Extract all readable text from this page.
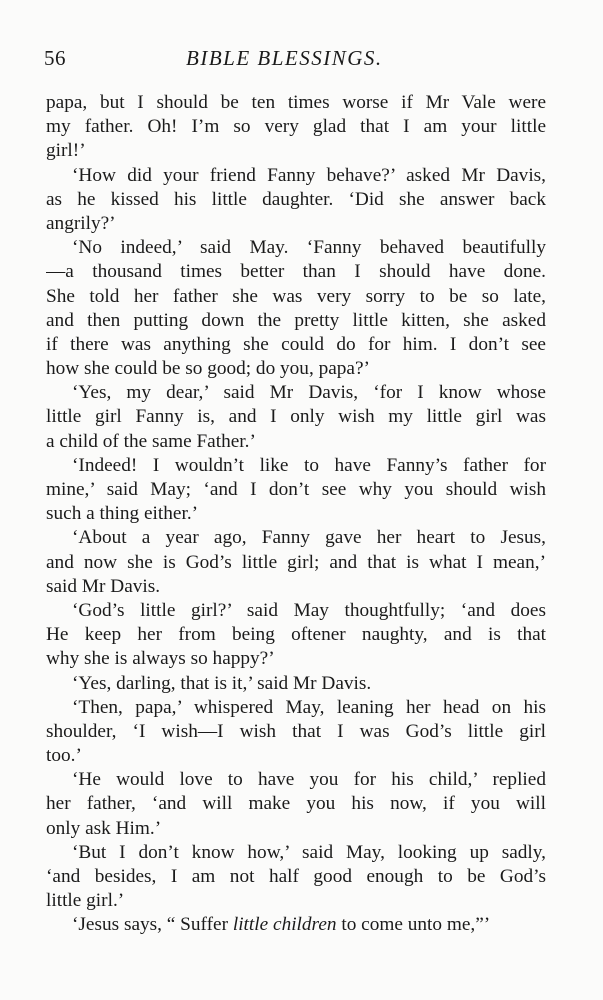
56	BIBLE BLESSINGS.
papa, but I should be ten times worse if Mr Vale were
my father. Oh! I’m so very glad that I am your little
girl!’
‘How did your friend Fanny behave?’ asked Mr Davis,
as he kissed his little daughter. ‘Did she answer back
angrily?’
‘No indeed,’ said May. ‘Fanny behaved beautifully
—a thousand times better than I should have done.
She told her father she was very sorry to be so late,
and then putting down the pretty little kitten, she asked
if there was anything she could do for him. I don’t see
how she could be so good; do you, papa?’
‘Yes, my dear,’ said Mr Davis, ‘for I know whose
little girl Fanny is, and I only wish my little girl was
a child of the same Father.’
‘Indeed! I wouldn’t like to have Fanny’s father for
mine,’ said May; ‘and I don’t see why you should wish
such a thing either.’
‘About a year ago, Fanny gave her heart to Jesus,
and now she is God’s little girl; and that is what I mean,’
said Mr Davis.
‘God’s little girl?’ said May thoughtfully; ‘and does
He keep her from being oftener naughty, and is that
why she is always so happy?’
‘Yes, darling, that is it,’ said Mr Davis.
‘Then, papa,’ whispered May, leaning her head on his
shoulder, ‘I wish—I wish that I was God’s little girl
too.’
‘He would love to have you for his child,’ replied
her father, ‘and will make you his now, if you will
only ask Him.’
‘But I don’t know how,’ said May, looking up sadly,
‘and besides, I am not half good enough to be God’s
little girl.’
‘Jesus says, “ Suffer little children to come unto me,”’
